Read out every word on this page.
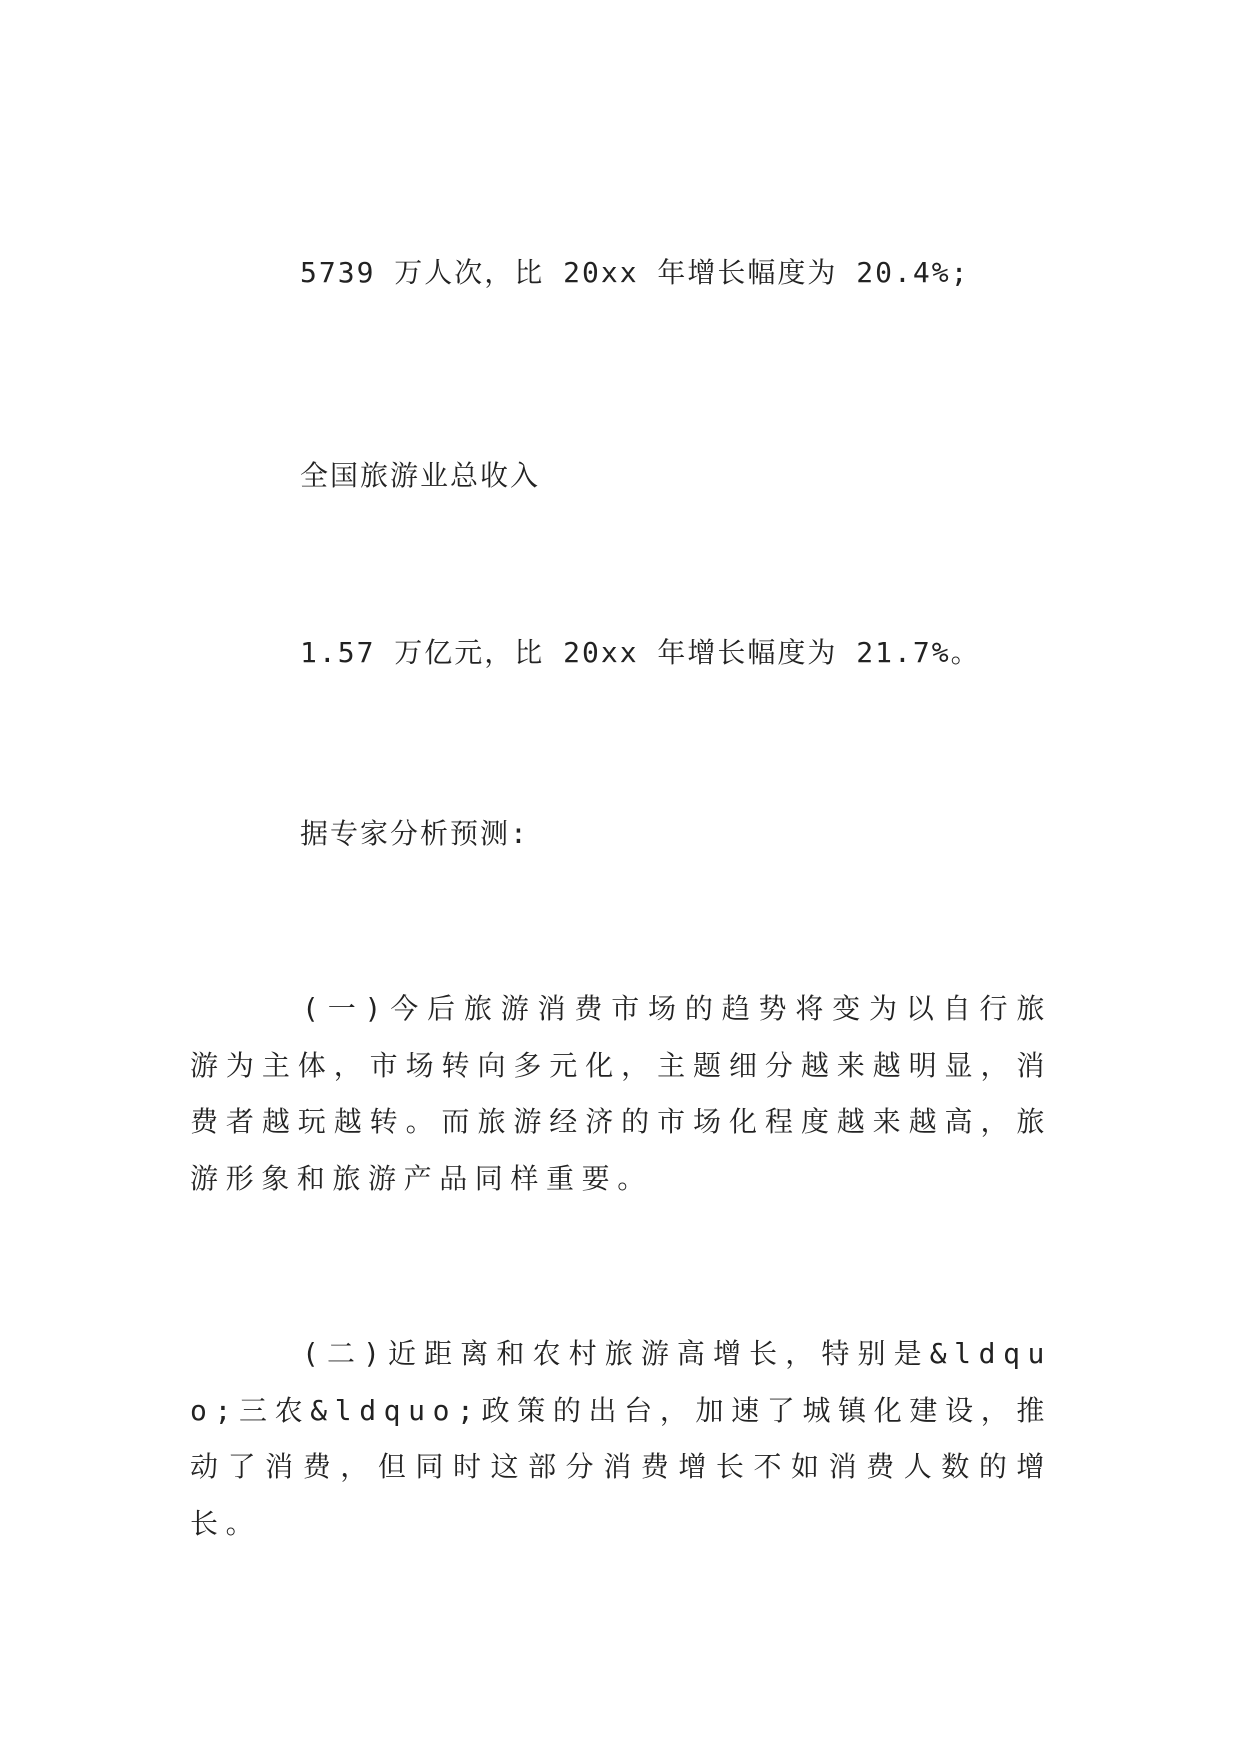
5739 万人次，比 20xx 年增长幅度为 20.4%;
全国旅游业总收入
1.57 万亿元，比 20xx 年增长幅度为 21.7%。
据专家分析预测:
(一)今后旅游消费市场的趋势将变为以自行旅游为主体，市场转向多元化，主题细分越来越明显，消费者越玩越转。而旅游经济的市场化程度越来越高，旅游形象和旅游产品同样重要。
(二)近距离和农村旅游高增长，特别是&ldquo;三农&ldquo;政策的出台，加速了城镇化建设，推动了消费，但同时这部分消费增长不如消费人数的增长。
